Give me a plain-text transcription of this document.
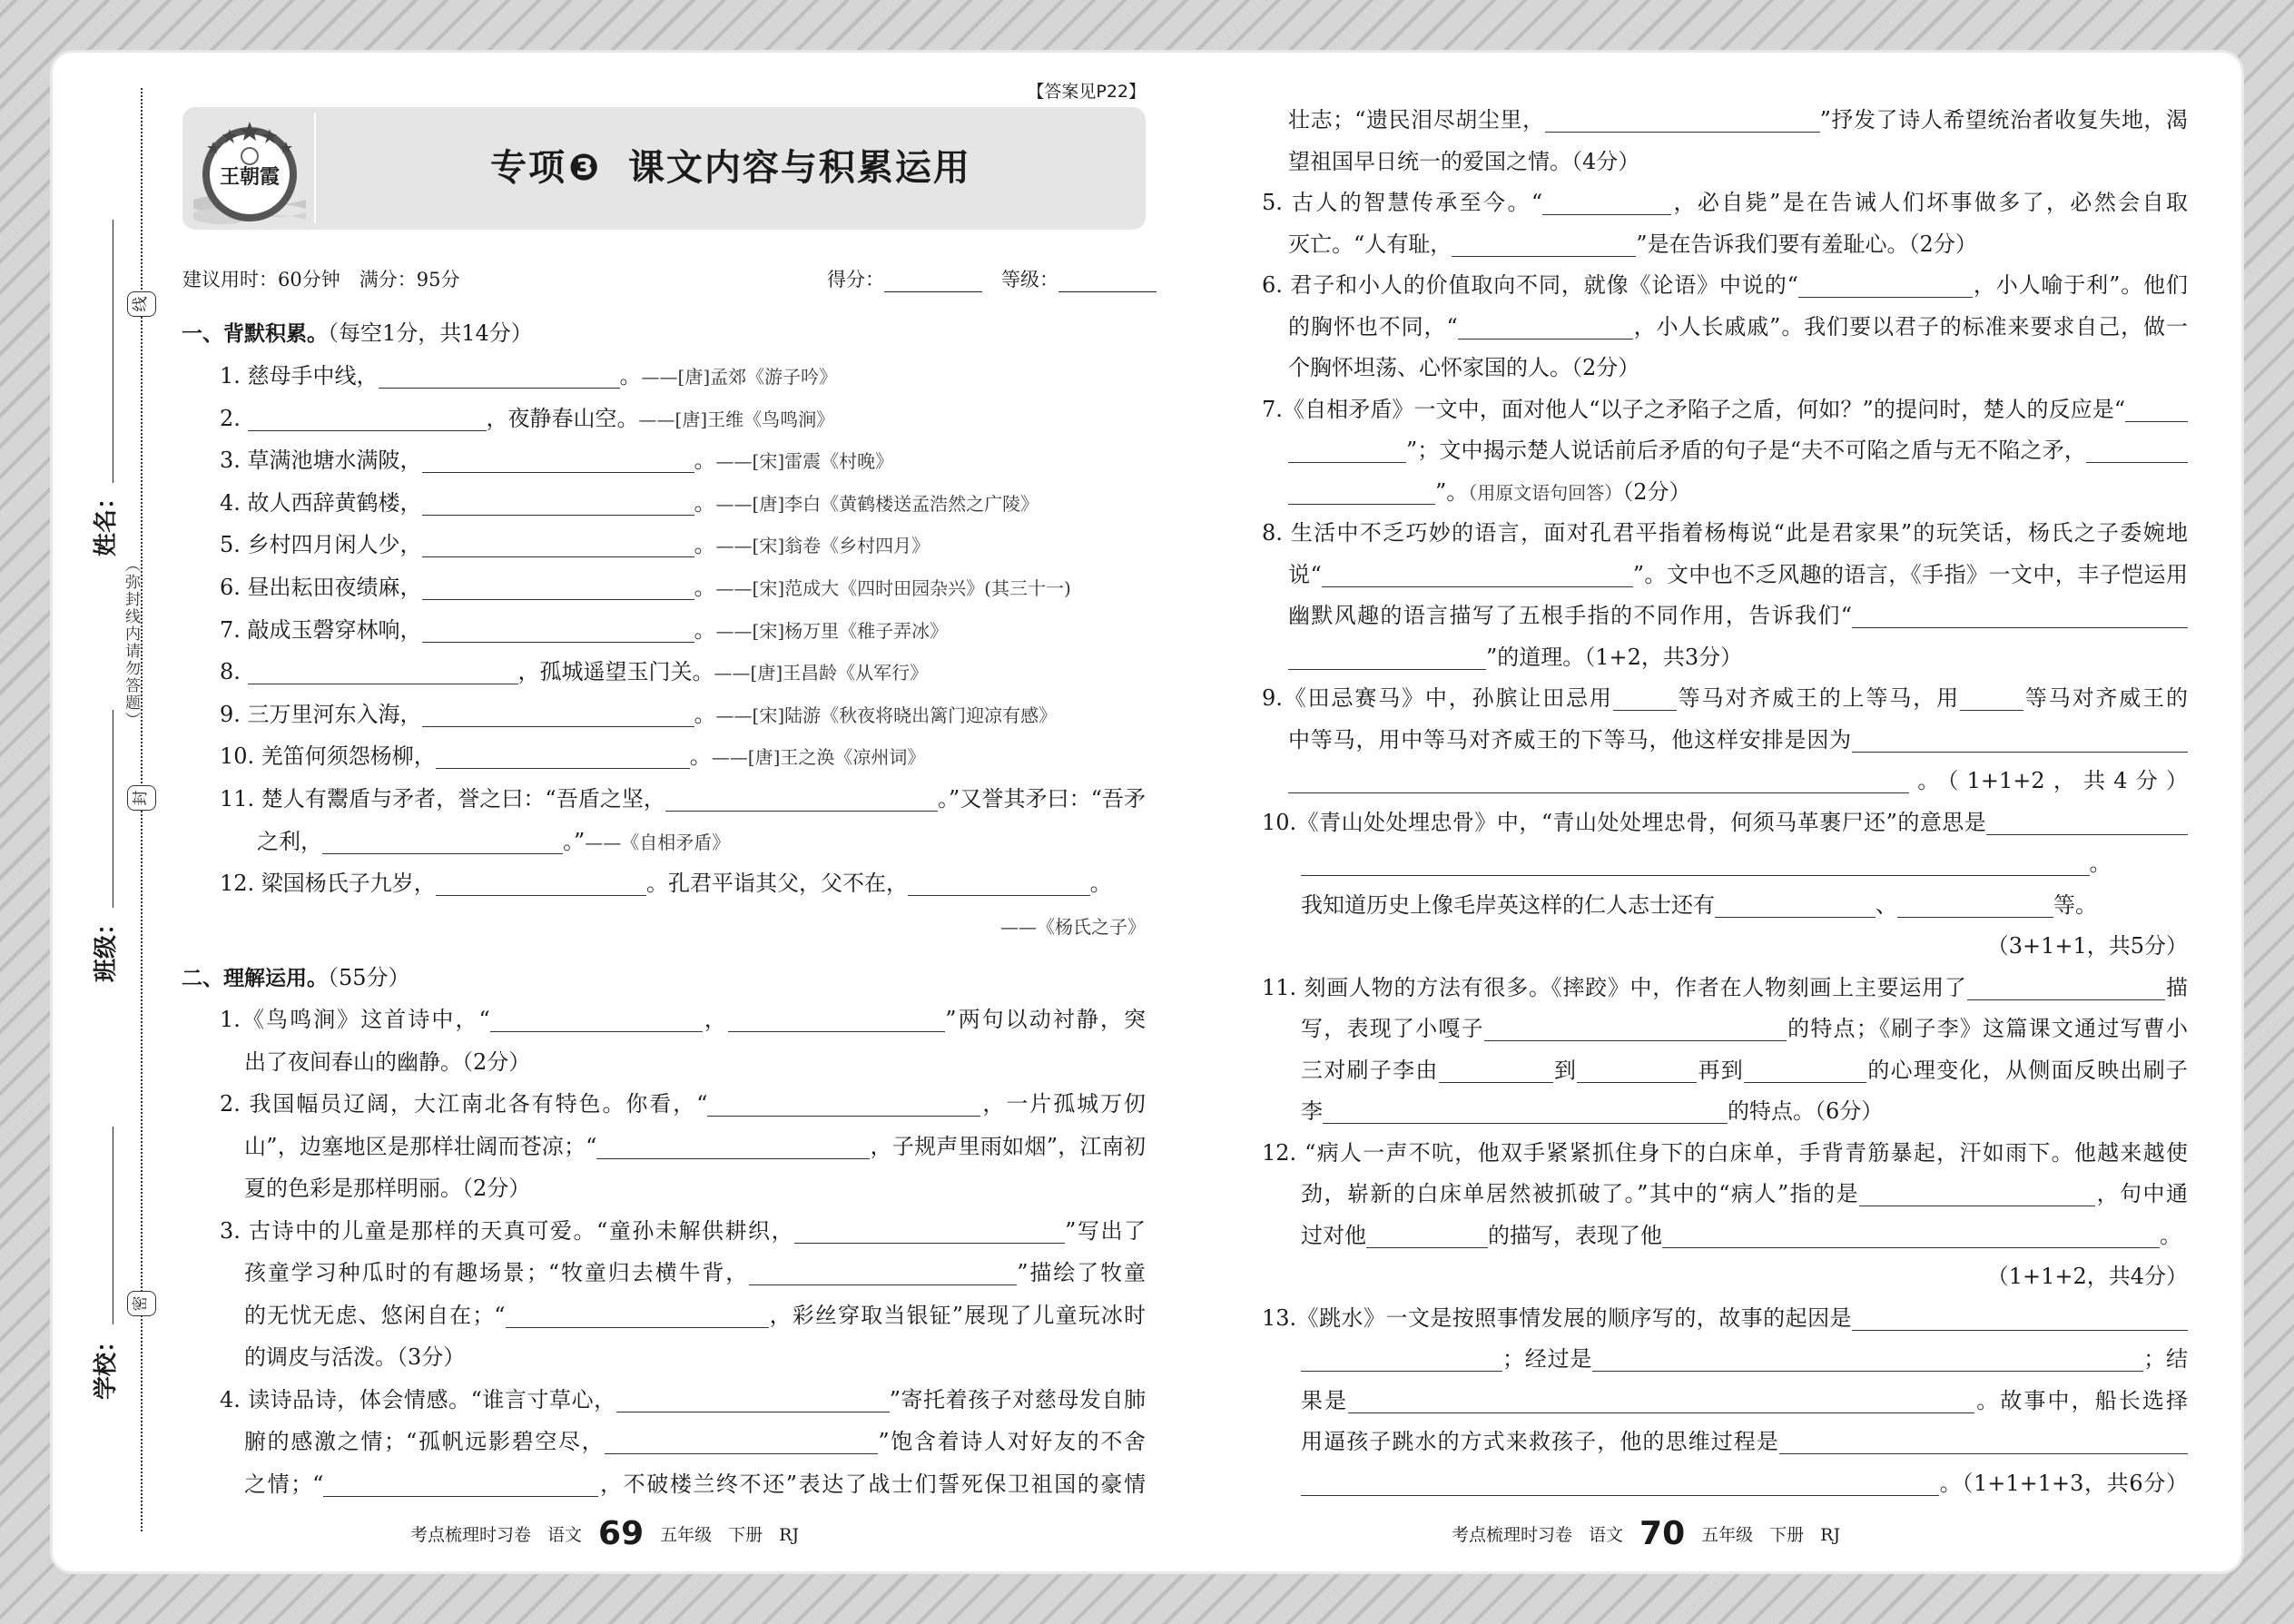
线
封
密
（弥封线内请勿答题）
姓名：
班级：
学校：
【答案见P22】
王朝霞	专项❸ 课文内容与积累运用
建议用时：60分钟  满分：95分	得分： 	等级：
一、背默积累。（每空1分，共14分）
1. 慈母手中线，	。——[唐]孟郊《游子吟》
2.	，夜静春山空。——[唐]王维《鸟鸣涧》
3. 草满池塘水满陂，	。——[宋]雷震《村晚》
4. 故人西辞黄鹤楼，	。——[唐]李白《黄鹤楼送孟浩然之广陵》
5. 乡村四月闲人少，	。——[宋]翁卷《乡村四月》
6. 昼出耘田夜绩麻，	。——[宋]范成大《四时田园杂兴》(其三十一)
7. 敲成玉磬穿林响，	。——[宋]杨万里《稚子弄冰》
8.	，孤城遥望玉门关。——[唐]王昌龄《从军行》
9. 三万里河东入海，	。——[宋]陆游《秋夜将晓出篱门迎凉有感》
10. 羌笛何须怨杨柳，	。——[唐]王之涣《凉州词》
11. 楚人有鬻盾与矛者，誉之曰：“吾盾之坚，	。”又誉其矛曰：“吾矛
之利，	。”——《自相矛盾》
12. 梁国杨氏子九岁，	。孔君平诣其父，父不在，	。
——《杨氏之子》
二、理解运用。（55分）
1.《鸟鸣涧》这首诗中，“	，	”两句以动衬静，突
出了夜间春山的幽静。（2分）
2. 我国幅员辽阔，大江南北各有特色。你看，“	，一片孤城万仞
山”，边塞地区是那样壮阔而苍凉；“	，子规声里雨如烟”，江南初
夏的色彩是那样明丽。（2分）
3. 古诗中的儿童是那样的天真可爱。“童孙未解供耕织，	”写出了
孩童学习种瓜时的有趣场景；“牧童归去横牛背，	”描绘了牧童
的无忧无虑、悠闲自在；“	，彩丝穿取当银钲”展现了儿童玩冰时
的调皮与活泼。（3分）
4. 读诗品诗，体会情感。“谁言寸草心，	”寄托着孩子对慈母发自肺
腑的感激之情；“孤帆远影碧空尽，	”饱含着诗人对好友的不舍
之情；“	，不破楼兰终不还”表达了战士们誓死保卫祖国的豪情
壮志；“遗民泪尽胡尘里，	”抒发了诗人希望统治者收复失地，渴
望祖国早日统一的爱国之情。（4分）
5. 古人的智慧传承至今。“	，必自毙”是在告诫人们坏事做多了，必然会自取
灭亡。“人有耻，	”是在告诉我们要有羞耻心。（2分）
6. 君子和小人的价值取向不同，就像《论语》中说的“	，小人喻于利”。他们
的胸怀也不同，“	，小人长戚戚”。我们要以君子的标准来要求自己，做一
个胸怀坦荡、心怀家国的人。（2分）
7.《自相矛盾》一文中，面对他人“以子之矛陷子之盾，何如？”的提问时，楚人的反应是“
”；文中揭示楚人说话前后矛盾的句子是“夫不可陷之盾与无不陷之矛，
”。（用原文语句回答）（2分）
8. 生活中不乏巧妙的语言，面对孔君平指着杨梅说“此是君家果”的玩笑话，杨氏之子委婉地
说“	”。文中也不乏风趣的语言，《手指》一文中，丰子恺运用
幽默风趣的语言描写了五根手指的不同作用，告诉我们“
”的道理。（1+2，共3分）
9.《田忌赛马》中，孙膑让田忌用	等马对齐威王的上等马，用	等马对齐威王的
中等马，用中等马对齐威王的下等马，他这样安排是因为
。（1+1+2，共4分）
10.《青山处处埋忠骨》中，“青山处处埋忠骨，何须马革裹尸还”的意思是
。
我知道历史上像毛岸英这样的仁人志士还有	、	等。
（3+1+1，共5分）
11. 刻画人物的方法有很多。《摔跤》中，作者在人物刻画上主要运用了	描
写，表现了小嘎子	的特点；《刷子李》这篇课文通过写曹小
三对刷子李由	到	再到	的心理变化，从侧面反映出刷子
李	的特点。（6分）
12. “病人一声不吭，他双手紧紧抓住身下的白床单，手背青筋暴起，汗如雨下。他越来越使
劲，崭新的白床单居然被抓破了。”其中的“病人”指的是	，句中通
过对他	的描写，表现了他	。
（1+1+2，共4分）
13.《跳水》一文是按照事情发展的顺序写的，故事的起因是
；经过是	；结
果是	。故事中，船长选择
用逼孩子跳水的方式来救孩子，他的思维过程是
。（1+1+1+3，共6分）
考点梳理时习卷 语文 69 五年级 下册 RJ	考点梳理时习卷 语文 70 五年级 下册 RJ
